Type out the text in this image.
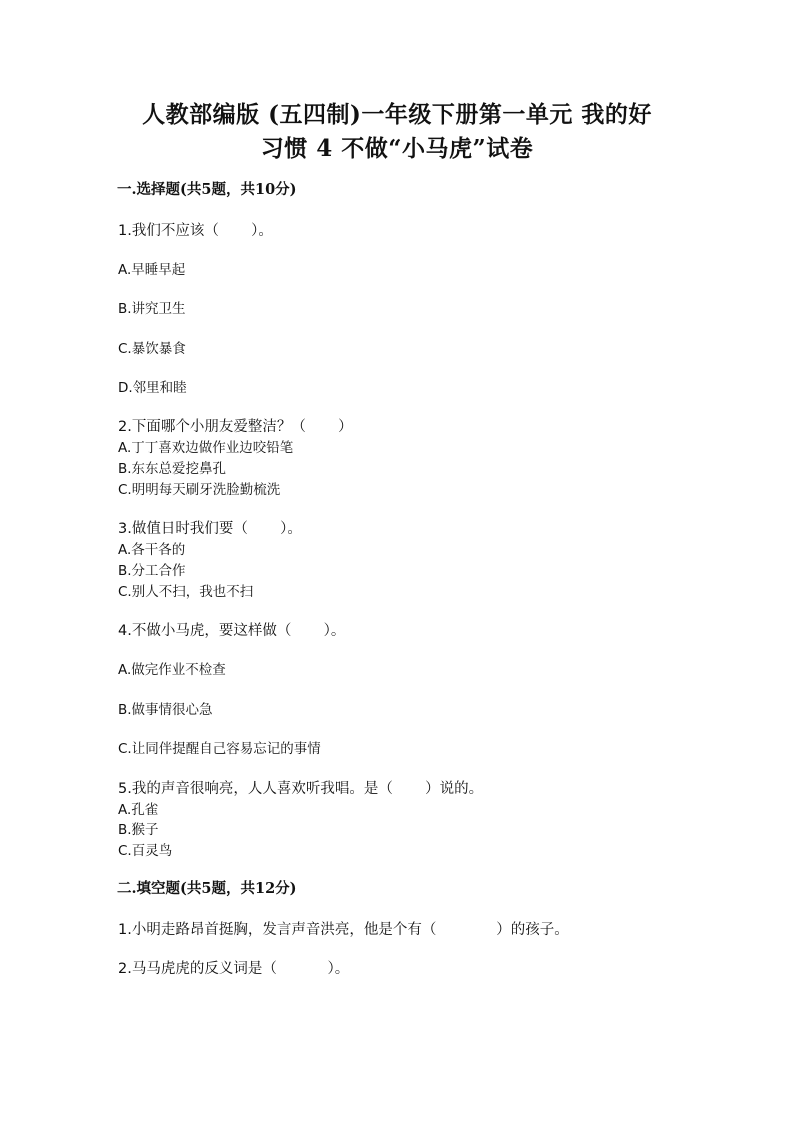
人教部编版 (五四制)一年级下册第一单元 我的好
习惯 4 不做“小马虎”试卷
一.选择题(共5题，共10分)
1.我们不应该（       ）。
A.早睡早起
B.讲究卫生
C.暴饮暴食
D.邻里和睦
2.下面哪个小朋友爱整洁？（       ）
A.丁丁喜欢边做作业边咬铅笔
B.东东总爱挖鼻孔
C.明明每天刷牙洗脸勤梳洗
3.做值日时我们要（       ）。
A.各干各的
B.分工合作
C.别人不扫，我也不扫
4.不做小马虎，要这样做（       ）。
A.做完作业不检查
B.做事情很心急
C.让同伴提醒自己容易忘记的事情
5.我的声音很响亮，人人喜欢听我唱。是（       ）说的。
A.孔雀
B.猴子
C.百灵鸟
二.填空题(共5题，共12分)
1.小明走路昂首挺胸，发言声音洪亮，他是个有（             ）的孩子。
2.马马虎虎的反义词是（           ）。
